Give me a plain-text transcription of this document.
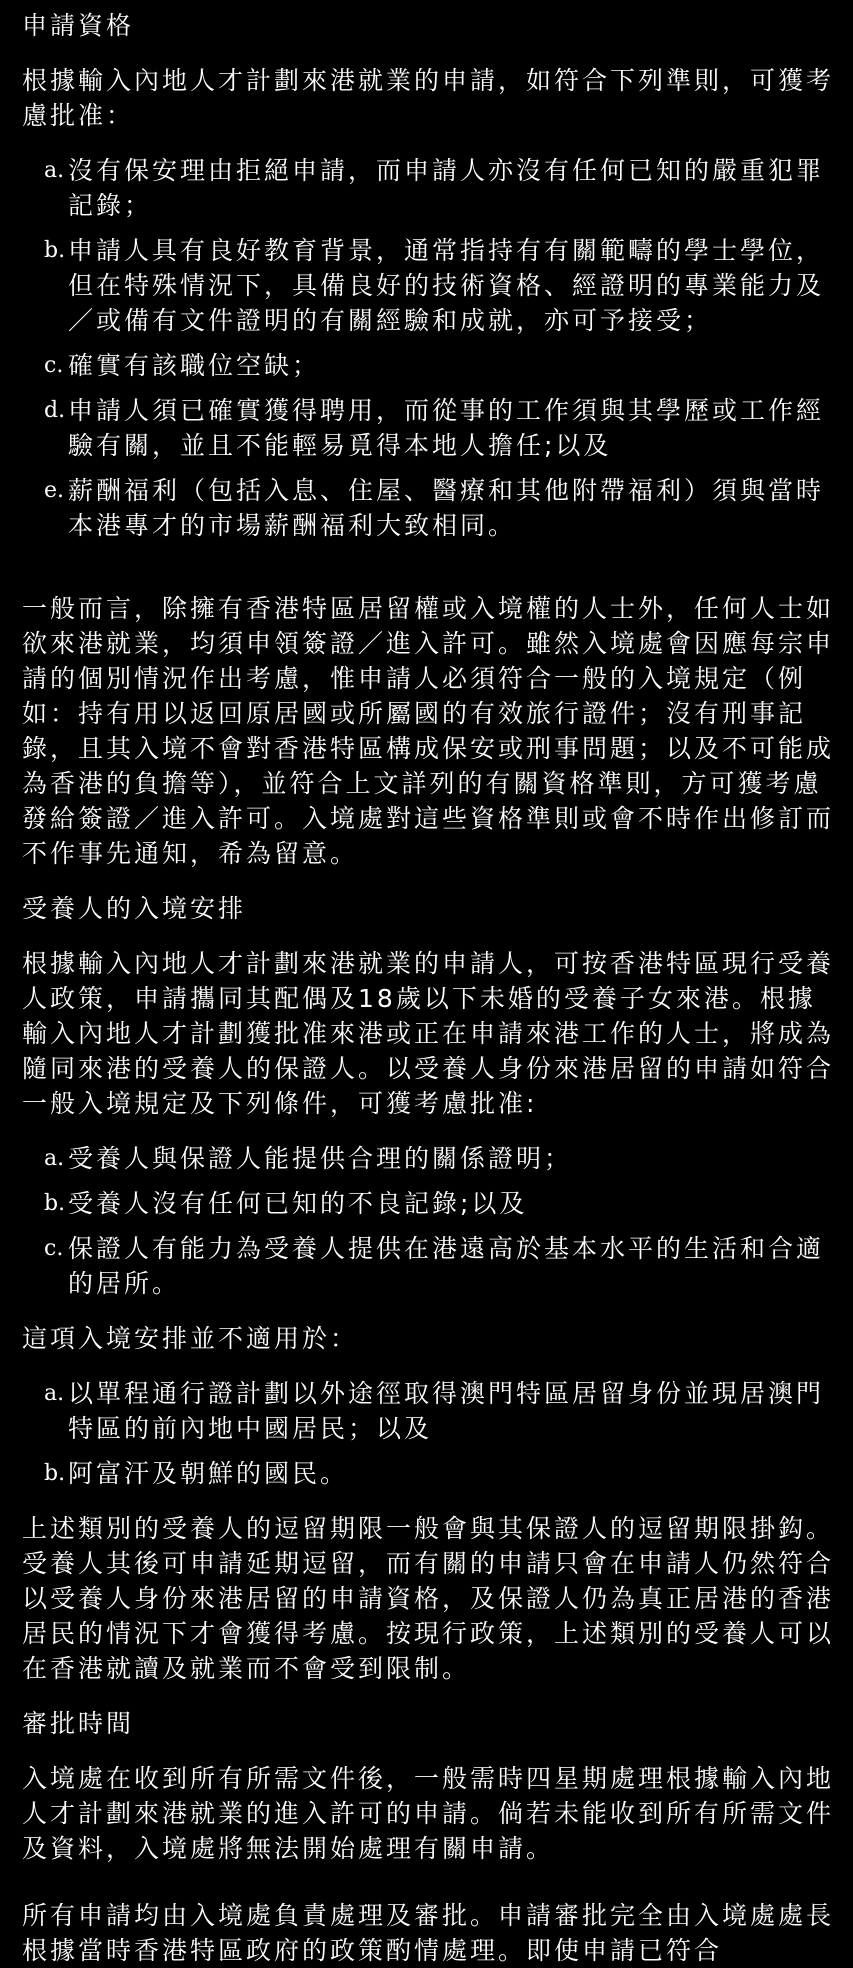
申請資格

根據輸入內地人才計劃來港就業的申請，如符合下列準則，可獲考慮批准：

a. 沒有保安理由拒絕申請，而申請人亦沒有任何已知的嚴重犯罪記錄；
b. 申請人具有良好教育背景，通常指持有有關範疇的學士學位，但在特殊情況下，具備良好的技術資格、經證明的專業能力及／或備有文件證明的有關經驗和成就，亦可予接受；
c. 確實有該職位空缺；
d. 申請人須已確實獲得聘用，而從事的工作須與其學歷或工作經驗有關，並且不能輕易覓得本地人擔任;以及
e. 薪酬福利（包括入息、住屋、醫療和其他附帶福利）須與當時本港專才的市場薪酬福利大致相同。

一般而言，除擁有香港特區居留權或入境權的人士外，任何人士如欲來港就業，均須申領簽證／進入許可。雖然入境處會因應每宗申請的個別情況作出考慮，惟申請人必須符合一般的入境規定（例如：持有用以返回原居國或所屬國的有效旅行證件；沒有刑事記錄，且其入境不會對香港特區構成保安或刑事問題；以及不可能成為香港的負擔等），並符合上文詳列的有關資格準則，方可獲考慮發給簽證／進入許可。入境處對這些資格準則或會不時作出修訂而不作事先通知，希為留意。

受養人的入境安排

根據輸入內地人才計劃來港就業的申請人，可按香港特區現行受養人政策，申請攜同其配偶及18歲以下未婚的受養子女來港。根據輸入內地人才計劃獲批准來港或正在申請來港工作的人士，將成為隨同來港的受養人的保證人。以受養人身份來港居留的申請如符合一般入境規定及下列條件，可獲考慮批准:

a. 受養人與保證人能提供合理的關係證明；
b. 受養人沒有任何已知的不良記錄;以及
c. 保證人有能力為受養人提供在港遠高於基本水平的生活和合適的居所。

這項入境安排並不適用於：

a. 以單程通行證計劃以外途徑取得澳門特區居留身份並現居澳門特區的前內地中國居民；以及
b. 阿富汗及朝鮮的國民。

上述類別的受養人的逗留期限一般會與其保證人的逗留期限掛鈎。受養人其後可申請延期逗留，而有關的申請只會在申請人仍然符合以受養人身份來港居留的申請資格，及保證人仍為真正居港的香港居民的情況下才會獲得考慮。按現行政策，上述類別的受養人可以在香港就讀及就業而不會受到限制。

審批時間

入境處在收到所有所需文件後，一般需時四星期處理根據輸入內地人才計劃來港就業的進入許可的申請。倘若未能收到所有所需文件及資料，入境處將無法開始處理有關申請。

所有申請均由入境處負責處理及審批。申請審批完全由入境處處長根據當時香港特區政府的政策酌情處理。即使申請已符合
